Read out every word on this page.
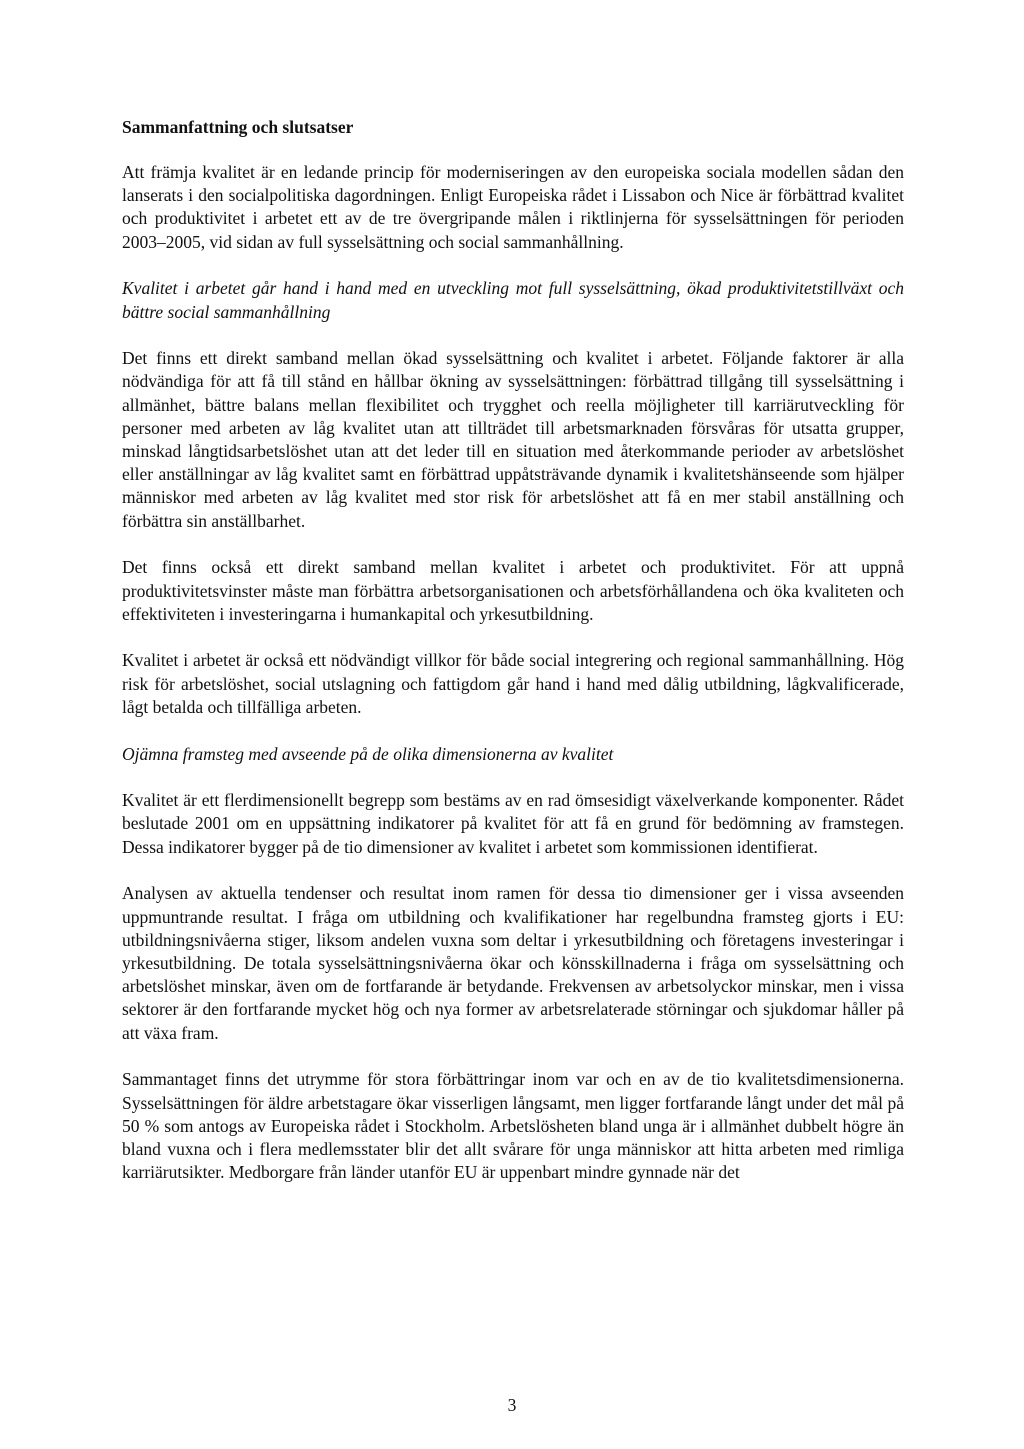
Sammanfattning och slutsatser

Att främja kvalitet är en ledande princip för moderniseringen av den europeiska sociala modellen sådan den lanserats i den socialpolitiska dagordningen. Enligt Europeiska rådet i Lissabon och Nice är förbättrad kvalitet och produktivitet i arbetet ett av de tre övergripande målen i riktlinjerna för sysselsättningen för perioden 2003–2005, vid sidan av full sysselsättning och social sammanhållning.

Kvalitet i arbetet går hand i hand med en utveckling mot full sysselsättning, ökad produktivitetstillväxt och bättre social sammanhållning

Det finns ett direkt samband mellan ökad sysselsättning och kvalitet i arbetet. Följande faktorer är alla nödvändiga för att få till stånd en hållbar ökning av sysselsättningen: förbättrad tillgång till sysselsättning i allmänhet, bättre balans mellan flexibilitet och trygghet och reella möjligheter till karriärutveckling för personer med arbeten av låg kvalitet utan att tillträdet till arbetsmarknaden försvåras för utsatta grupper, minskad långtidsarbetslöshet utan att det leder till en situation med återkommande perioder av arbetslöshet eller anställningar av låg kvalitet samt en förbättrad uppåtsträvande dynamik i kvalitetshänseende som hjälper människor med arbeten av låg kvalitet med stor risk för arbetslöshet att få en mer stabil anställning och förbättra sin anställbarhet.

Det finns också ett direkt samband mellan kvalitet i arbetet och produktivitet. För att uppnå produktivitetsvinster måste man förbättra arbetsorganisationen och arbetsförhållandena och öka kvaliteten och effektiviteten i investeringarna i humankapital och yrkesutbildning.

Kvalitet i arbetet är också ett nödvändigt villkor för både social integrering och regional sammanhållning. Hög risk för arbetslöshet, social utslagning och fattigdom går hand i hand med dålig utbildning, lågkvalificerade, lågt betalda och tillfälliga arbeten.

Ojämna framsteg med avseende på de olika dimensionerna av kvalitet

Kvalitet är ett flerdimensionellt begrepp som bestäms av en rad ömsesidigt växelverkande komponenter. Rådet beslutade 2001 om en uppsättning indikatorer på kvalitet för att få en grund för bedömning av framstegen. Dessa indikatorer bygger på de tio dimensioner av kvalitet i arbetet som kommissionen identifierat.

Analysen av aktuella tendenser och resultat inom ramen för dessa tio dimensioner ger i vissa avseenden uppmuntrande resultat. I fråga om utbildning och kvalifikationer har regelbundna framsteg gjorts i EU: utbildningsnivåerna stiger, liksom andelen vuxna som deltar i yrkesutbildning och företagens investeringar i yrkesutbildning. De totala sysselsättningsnivåerna ökar och könsskillnaderna i fråga om sysselsättning och arbetslöshet minskar, även om de fortfarande är betydande. Frekvensen av arbetsolyckor minskar, men i vissa sektorer är den fortfarande mycket hög och nya former av arbetsrelaterade störningar och sjukdomar håller på att växa fram.

Sammantaget finns det utrymme för stora förbättringar inom var och en av de tio kvalitetsdimensionerna. Sysselsättningen för äldre arbetstagare ökar visserligen långsamt, men ligger fortfarande långt under det mål på 50 % som antogs av Europeiska rådet i Stockholm. Arbetslösheten bland unga är i allmänhet dubbelt högre än bland vuxna och i flera medlemsstater blir det allt svårare för unga människor att hitta arbeten med rimliga karriärutsikter. Medborgare från länder utanför EU är uppenbart mindre gynnade när det

3
